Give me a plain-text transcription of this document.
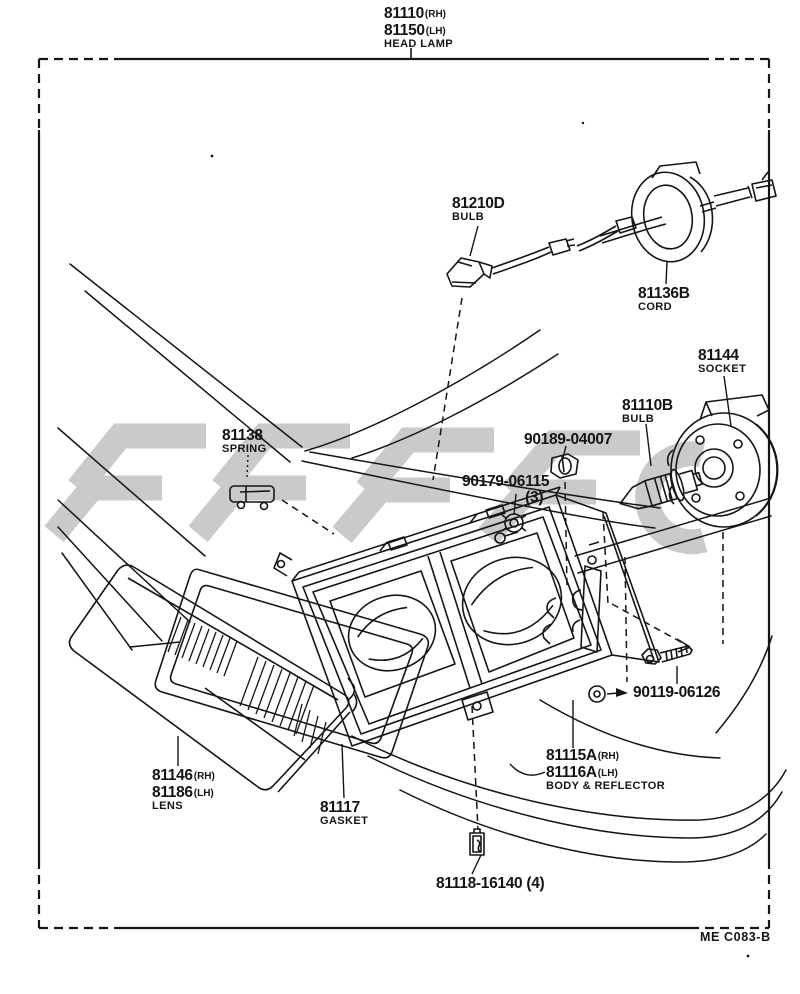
81110(RH)
81150(LH)
HEAD LAMP
81210D
BULB
81136B
CORD
81144
SOCKET
81110B
BULB
81138
SPRING
90189-04007
90179-06115
(3)
90119-06126
81115A(RH)
81116A(LH)
BODY & REFLECTOR
81146(RH)
81186(LH)
LENS	81117
GASKET
81118-16140 (4)
ME C083-B
